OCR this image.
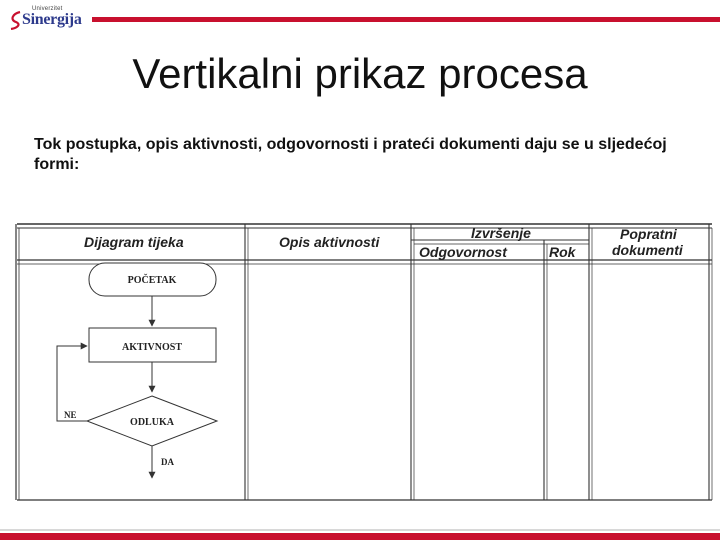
Univerzitet
Sinergija
Vertikalni prikaz procesa
Tok postupka, opis aktivnosti, odgovornosti i prateći dokumenti daju se u sljedećoj formi:
Dijagram tijeka	Opis aktivnosti
Izvršenje
Odgovornost	Rok
Popratni
dokumenti
POČETAK
AKTIVNOST
ODLUKA
NE
DA
